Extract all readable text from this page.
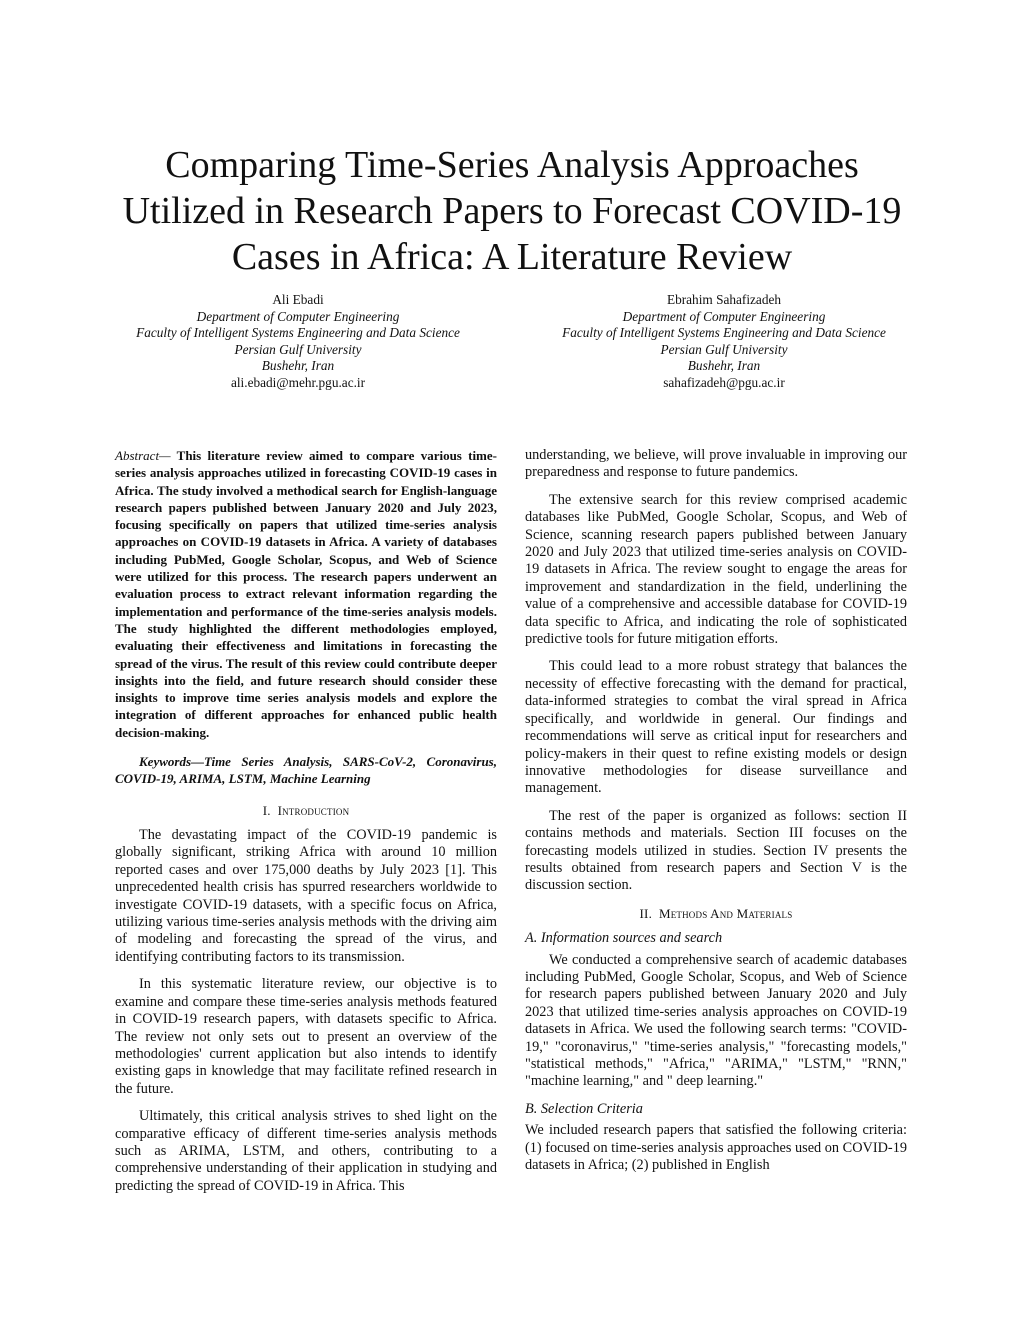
Comparing Time-Series Analysis Approaches
Utilized in Research Papers to Forecast COVID-19
Cases in Africa: A Literature Review
Ali Ebadi
Department of Computer Engineering
Faculty of Intelligent Systems Engineering and Data Science
Persian Gulf University
Bushehr, Iran
ali.ebadi@mehr.pgu.ac.ir
Ebrahim Sahafizadeh
Department of Computer Engineering
Faculty of Intelligent Systems Engineering and Data Science
Persian Gulf University
Bushehr, Iran
sahafizadeh@pgu.ac.ir

Abstract— This literature review aimed to compare various time-series analysis approaches utilized in forecasting COVID-19 cases in Africa. The study involved a methodical search for English-language research papers published between January 2020 and July 2023, focusing specifically on papers that utilized time-series analysis approaches on COVID-19 datasets in Africa. A variety of databases including PubMed, Google Scholar, Scopus, and Web of Science were utilized for this process. The research papers underwent an evaluation process to extract relevant information regarding the implementation and performance of the time-series analysis models. The study highlighted the different methodologies employed, evaluating their effectiveness and limitations in forecasting the spread of the virus. The result of this review could contribute deeper insights into the field, and future research should consider these insights to improve time series analysis models and explore the integration of different approaches for enhanced public health decision-making.

Keywords—Time Series Analysis, SARS-CoV-2, Coronavirus, COVID-19, ARIMA, LSTM, Machine Learning

I. Introduction

The devastating impact of the COVID-19 pandemic is globally significant, striking Africa with around 10 million reported cases and over 175,000 deaths by July 2023 [1]. This unprecedented health crisis has spurred researchers worldwide to investigate COVID-19 datasets, with a specific focus on Africa, utilizing various time-series analysis methods with the driving aim of modeling and forecasting the spread of the virus, and identifying contributing factors to its transmission.

In this systematic literature review, our objective is to examine and compare these time-series analysis methods featured in COVID-19 research papers, with datasets specific to Africa. The review not only sets out to present an overview of the methodologies' current application but also intends to identify existing gaps in knowledge that may facilitate refined research in the future.

Ultimately, this critical analysis strives to shed light on the comparative efficacy of different time-series analysis methods such as ARIMA, LSTM, and others, contributing to a comprehensive understanding of their application in studying and predicting the spread of COVID-19 in Africa. This

understanding, we believe, will prove invaluable in improving our preparedness and response to future pandemics.

The extensive search for this review comprised academic databases like PubMed, Google Scholar, Scopus, and Web of Science, scanning research papers published between January 2020 and July 2023 that utilized time-series analysis on COVID-19 datasets in Africa. The review sought to engage the areas for improvement and standardization in the field, underlining the value of a comprehensive and accessible database for COVID-19 data specific to Africa, and indicating the role of sophisticated predictive tools for future mitigation efforts.

This could lead to a more robust strategy that balances the necessity of effective forecasting with the demand for practical, data-informed strategies to combat the viral spread in Africa specifically, and worldwide in general. Our findings and recommendations will serve as critical input for researchers and policy-makers in their quest to refine existing models or design innovative methodologies for disease surveillance and management.

The rest of the paper is organized as follows: section II contains methods and materials. Section III focuses on the forecasting models utilized in studies. Section IV presents the results obtained from research papers and Section V is the discussion section.

II. Methods And Materials
A. Information sources and search

We conducted a comprehensive search of academic databases including PubMed, Google Scholar, Scopus, and Web of Science for research papers published between January 2020 and July 2023 that utilized time-series analysis approaches on COVID-19 datasets in Africa. We used the following search terms: "COVID-19," "coronavirus," "time-series analysis," "forecasting models," "statistical methods," "Africa," "ARIMA," "LSTM," "RNN," "machine learning," and " deep learning."

B. Selection Criteria

We included research papers that satisfied the following criteria: (1) focused on time-series analysis approaches used on COVID-19 datasets in Africa; (2) published in English
